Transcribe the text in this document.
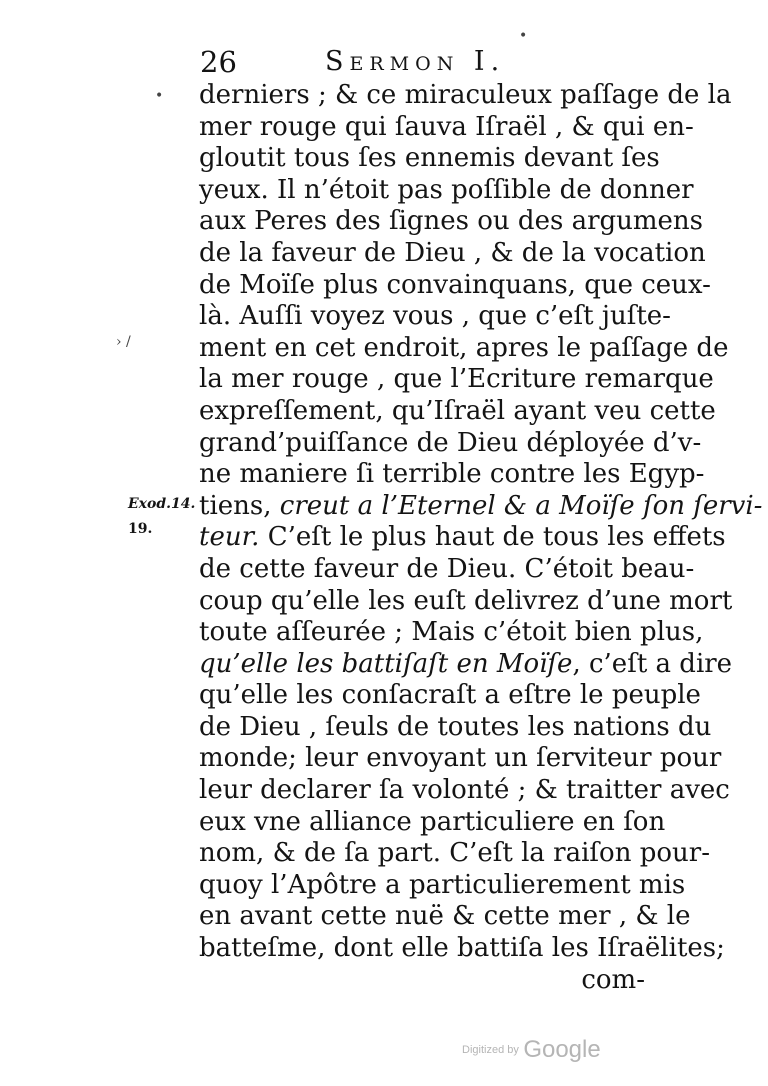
26	Sermon I.
•
•
› /
derniers ; & ce miraculeux paſſage de la
mer rouge qui ſauva Iſraël , & qui en-
gloutit tous ſes ennemis devant ſes
yeux. Il n’étoit pas poſſible de donner
aux Peres des ſignes ou des argumens
de la faveur de Dieu , & de la vocation
de Moïſe plus convainquans, que ceux-
là. Auſſi voyez vous , que c’eſt juſte-
ment en cet endroit, apres le paſſage de
la mer rouge , que l’Ecriture remarque
expreſſement, qu’Iſraël ayant veu cette
grand’puiſſance de Dieu déployée d’v-
ne maniere ſi terrible contre les Egyp-
tiens, creut a l’Eternel & a Moïſe ſon ſervi-
teur. C’eſt le plus haut de tous les effets
de cette faveur de Dieu. C’étoit beau-
coup qu’elle les euſt delivrez d’une mort
toute aſſeurée ; Mais c’étoit bien plus,
qu’elle les battiſaſt en Moïſe, c’eſt a dire
qu’elle les conſacraſt a eſtre le peuple
de Dieu , ſeuls de toutes les nations du
monde; leur envoyant un ſerviteur pour
leur declarer ſa volonté ; & traitter avec
eux vne alliance particuliere en ſon
nom, & de ſa part. C’eſt la raiſon pour-
quoy l’Apôtre a particulierement mis
en avant cette nuë & cette mer , & le
batteſme, dont elle battiſa les Iſraëlites;
com-
Exod.14.
19.
Digitized by Google
